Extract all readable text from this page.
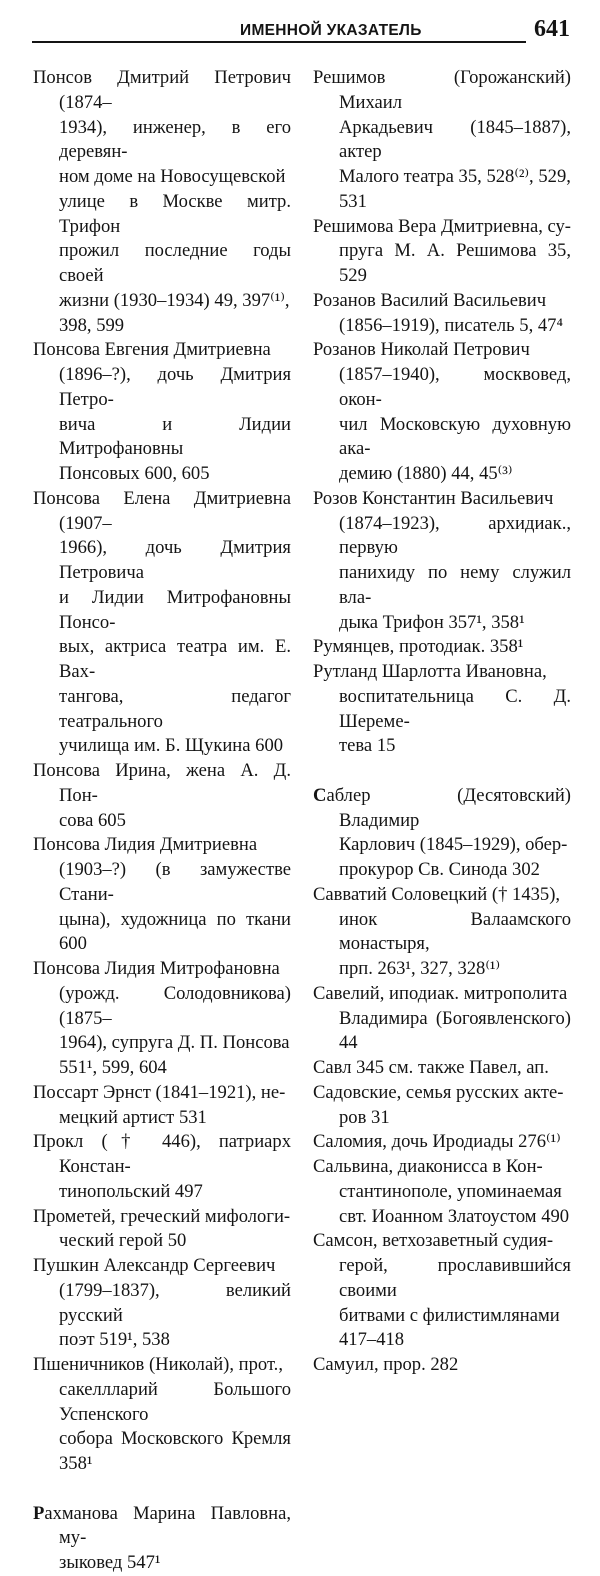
ИМЕННОЙ УКАЗАТЕЛЬ	641

Понсов Дмитрий Петрович (1874–
1934), инженер, в его деревян-
ном доме на Новосущевской
улице в Москве митр. Трифон
прожил последние годы своей
жизни (1930–1934) 49, 397⁽¹⁾,
398, 599

Понсова Евгения Дмитриевна
(1896–?), дочь Дмитрия Петро-
вича и Лидии Митрофановны
Понсовых 600, 605

Понсова Елена Дмитриевна (1907–
1966), дочь Дмитрия Петровича
и Лидии Митрофановны Понсо-
вых, актриса театра им. Е. Вах-
тангова, педагог театрального
училища им. Б. Щукина 600

Понсова Ирина, жена А. Д. Пон-
сова 605

Понсова Лидия Дмитриевна
(1903–?) (в замужестве Стани-
цына), художница по ткани 600

Понсова Лидия Митрофановна
(урожд. Солодовникова) (1875–
1964), супруга Д. П. Понсова
551¹, 599, 604

Поссарт Эрнст (1841–1921), не-
мецкий артист 531

Прокл († 446), патриарх Констан-
тинопольский 497

Прометей, греческий мифологи-
ческий герой 50

Пушкин Александр Сергеевич
(1799–1837), великий русский
поэт 519¹, 538

Пшеничников (Николай), прот.,
сакеллларий Большого Успенского
собора Московского Кремля 358¹

Рахманова Марина Павловна, му-
зыковед 547¹

Решимов (Горожанский) Михаил
Аркадьевич (1845–1887), актер
Малого театра 35, 528⁽²⁾, 529,
531

Решимова Вера Дмитриевна, су-
пруга М. А. Решимова 35, 529

Розанов Василий Васильевич
(1856–1919), писатель 5, 47⁴

Розанов Николай Петрович
(1857–1940), москвовед, окон-
чил Московскую духовную ака-
демию (1880) 44, 45⁽³⁾

Розов Константин Васильевич
(1874–1923), архидиак., первую
панихиду по нему служил вла-
дыка Трифон 357¹, 358¹

Румянцев, протодиак. 358¹

Рутланд Шарлотта Ивановна,
воспитательница С. Д. Шереме-
тева 15

Саблер (Десятовский) Владимир
Карлович (1845–1929), обер-
прокурор Св. Синода 302

Савватий Соловецкий († 1435),
инок Валаамского монастыря,
прп. 263¹, 327, 328⁽¹⁾

Савелий, иподиак. митрополита
Владимира (Богоявленского) 44

Савл 345 см. также Павел, ап.

Садовские, семья русских акте-
ров 31

Саломия, дочь Иродиады 276⁽¹⁾

Сальвина, диаконисса в Кон-
стантинополе, упоминаемая
свт. Иоанном Златоустом 490

Самсон, ветхозаветный судия-
герой, прославившийся своими
битвами с филистимлянами
417–418

Самуил, прор. 282
